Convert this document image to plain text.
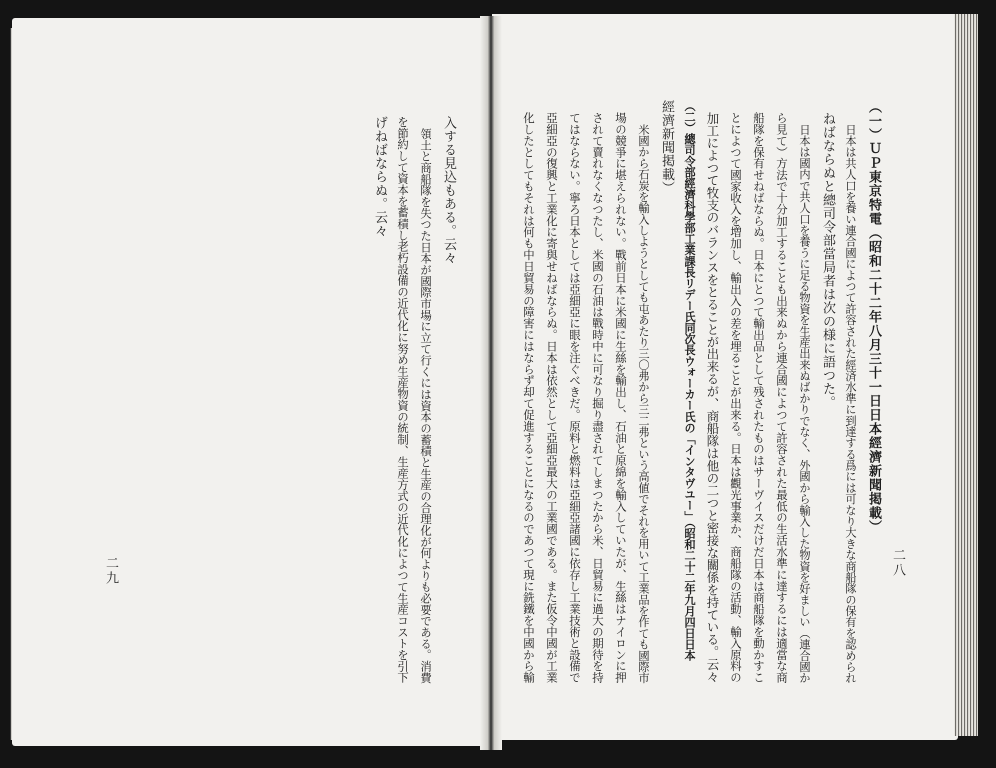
（一）ＵＰ東京特電（昭和二十二年八月三十一日日本經濟新聞掲載）
日本は共人口を養い連合國によつて許容された經済水準に到達する爲には可なり大きな商船隊の保有を認められ
ねばならぬと總司令部當局者は次の様に語つた。
日本は國内で共人口を養うに足る物資を生産出来ぬばかりでなく、外國から輸入した物資を好ましい（連合國か
ら見て）方法で十分加工することも出来ぬから連合國によつて許容された最低の生活水準に達するには適當な商
船隊を保有せねばならぬ。日本にとつて輸出品として残されたものはサーヴイスだけだ日本は商船隊を動かすこ
とによつて國家收入を増加し、輸出入の差を埋ることが出来る。日本は觀光事業か、商船隊の活動、輸入原料の
加工によつて牧支のバランスをとることが出来るが、商船隊は他の二つと密接な關係を持ている。云々
（二）總司令部經濟科學部工業課長リデー氏同次長ウォーカー氏の「インタヴユー」（昭和二十二年九月四日日本
經濟新聞掲載）
米國から石炭を輸入しようとしても屯あたり三〇弗から三二弗という高値でそれを用いて工業品を作ても國際市
場の競爭に堪えられない。戰前日本に米國に生絲を輸出し、石油と原綿を輸入していたが、生絲はナイロンに押
されて賣れなくなつたし、米國の石油は戰時中に可なり掘り盡されてしまつたから米、日貿易に過大の期待を持
てはならない。寧ろ日本としては亞細亞に眼を注ぐべきだ。原料と燃料は亞細亞諸國に依存し工業技術と設備で
亞細亞の復興と工業化に寄與せねばならぬ。日本は依然として亞細亞最大の工業國である。また仮令中國が工業
化したとしてもそれは何も中日貿易の障害にはならず却て促進することになるのであつて現に銑鐵を中國から輸	二八
入する見込もある。云々
領土と商船隊を失つた日本が國際市場に立て行くには資本の蓄積と生産の合理化が何よりも必要である。消費
を節約して資本を蓄積し老朽設備の近代化に努め生産物資の統制、生産方式の近代化によつて生産コストを引下
げねばならぬ。云々
二九
